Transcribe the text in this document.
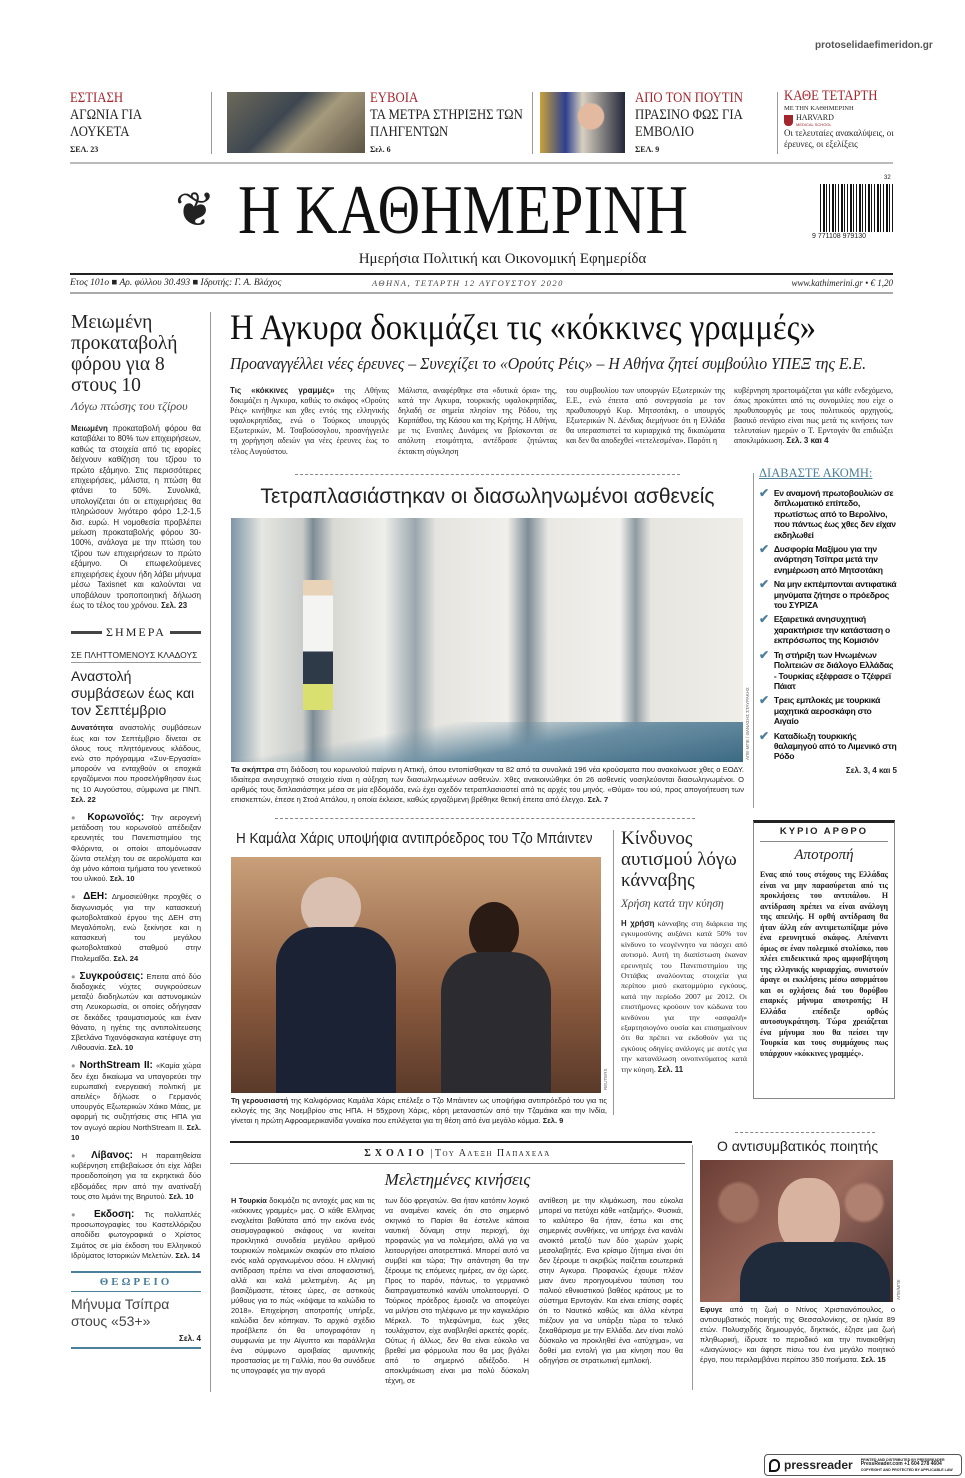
protoselidaefimeridon.gr
ΕΣΤΙΑΣΗ
ΑΓΩΝΙΑ ΓΙΑ ΛΟΥΚΕΤΑ
ΣΕΛ. 23
ΕΥΒΟΙΑ
ΤΑ ΜΕΤΡΑ ΣΤΗΡΙΞΗΣ ΤΩΝ ΠΛΗΓΕΝΤΩΝ
Σελ. 6
ΑΠΟ ΤΟΝ ΠΟΥΤΙΝ
ΠΡΑΣΙΝΟ ΦΩΣ ΓΙΑ ΕΜΒΟΛΙΟ
ΣΕΛ. 9
ΚΑΘΕ ΤΕΤΑΡΤΗ
ΜΕ ΤΗΝ ΚΑΘΗΜΕΡΙΝΗ
HARVARD
MEDICAL SCHOOL
Οι τελευταίες ανακαλύψεις, οι έρευνες, οι εξελίξεις
❦ Η ΚΑΘΗΜΕΡΙΝΗ	9 771108 979130
32
Ημερήσια Πολιτική και Οικονομική Εφημερίδα
Ετος 101ο ■ Αρ. φύλλου 30.493 ■ Ιδρυτής: Γ. Α. Βλάχος	ΑΘΗΝΑ, ΤΕΤΑΡΤΗ 12 ΑΥΓΟΥΣΤΟΥ 2020	www.kathimerini.gr • € 1,20
Μειωμένη προκαταβολή φόρου για 8 στους 10
Λόγω πτώσης του τζίρου
Μειωμένη προκαταβολή φόρου θα καταβάλει το 80% των επιχειρήσεων, καθώς τα στοιχεία από τις εφορίες δείχνουν καθίζηση του τζίρου το πρώτο εξάμηνο. Στις περισσότερες επιχειρήσεις, μάλιστα, η πτώση θα φτάνει το 50%. Συνολικά, υπολογίζεται ότι οι επιχειρήσεις θα πληρώσουν λιγότερο φόρο 1,2-1,5 δισ. ευρώ. Η νομοθεσία προβλέπει μείωση προκαταβολής φόρου 30-100%, ανάλογα με την πτώση του τζίρου των επιχειρήσεων το πρώτο εξάμηνο. Οι επωφελούμενες επιχειρήσεις έχουν ήδη λάβει μήνυμα μέσω Taxisnet και καλούνται να υποβάλουν τροποποιητική δήλωση έως το τέλος του χρόνου. Σελ. 23
ΣΗΜΕΡΑ
ΣΕ ΠΛΗΤΤΟΜΕΝΟΥΣ ΚΛΑΔΟΥΣ
Αναστολή συμβάσεων έως και τον Σεπτέμβριο
Δυνατότητα αναστολής συμβάσεων έως και τον Σεπτέμβριο δίνεται σε όλους τους πληττόμενους κλάδους, ενώ στο πρόγραμμα «Συν-Εργασία» μπορούν να ενταχθούν οι εποχικά εργαζόμενοι που προσελήφθησαν έως τις 10 Αυγούστου, σύμφωνα με ΠΝΠ. Σελ. 22
● Κορωνοϊός: Την αερογενή μετάδοση του κορωνοϊού απέδειξαν ερευνητές του Πανεπιστημίου της Φλόριντα, οι οποίοι απομόνωσαν ζώντα στελέχη του σε αερολύματα και όχι μόνο κάποια τμήματα του γενετικού του υλικού. Σελ. 10
● ΔΕΗ: Δημοσιεύθηκε προχθές ο διαγωνισμός για την κατασκευή φωτοβολταϊκού έργου της ΔΕΗ στη Μεγαλόπολη, ενώ ξεκίνησε και η κατασκευή του μεγάλου φωτοβολταϊκού σταθμού στην Πτολεμαΐδα. Σελ. 24
● Συγκρούσεις: Επειτα από δύο διαδοχικές νύχτες συγκρούσεων μεταξύ διαδηλωτών και αστυνομικών στη Λευκορωσία, οι οποίες οδήγησαν σε δεκάδες τραυματισμούς και έναν θάνατο, η ηγέτις της αντιπολίτευσης Σβετλάνα Τιχανόφσκαγια κατέφυγε στη Λιθουανία. Σελ. 10
● NorthStream II: «Καμία χώρα δεν έχει δικαίωμα να υπαγορεύει την ευρωπαϊκή ενεργειακή πολιτική με απειλές» δήλωσε ο Γερμανός υπουργός Εξωτερικών Χάικο Μάας, με αφορμή τις συζητήσεις στις ΗΠΑ για τον αγωγό αερίου NorthStream II. Σελ. 10
● Λίβανος: Η παραιτηθείσα κυβέρνηση επιβεβαίωσε ότι είχε λάβει προειδοποίηση για τα εκρηκτικά δύο εβδομάδες πριν από την ανατίναξή τους στο λιμάνι της Βηρυτού. Σελ. 10
● Εκδοση: Τις πολλαπλές προσωπογραφίες του Καστελλόριζου αποδίδει φωτογραφικά ο Χρίστος Σιμάτος σε μία έκδοση του Ελληνικού Ιδρύματος Ιστορικών Μελετών. Σελ. 14
ΘΕΩΡΕΙΟ
Μήνυμα Τσίπρα στους «53+»
Σελ. 4
Η Αγκυρα δοκιμάζει τις «κόκκινες γραμμές»
Προαναγγέλλει νέες έρευνες – Συνεχίζει το «Ορούτς Ρέις» – Η Αθήνα ζητεί συμβούλιο ΥΠΕΞ της Ε.Ε.
Τις «κόκκινες γραμμές» της Αθήνας δοκιμάζει η Αγκυρα, καθώς το σκάφος «Ορούτς Ρέις» κινήθηκε και χθες εντός της ελληνικής υφαλοκρηπίδας, ενώ ο Τούρκος υπουργός Εξωτερικών, Μ. Τσαβούσογλου, προανήγγειλε τη χορήγηση αδειών για νέες έρευνες έως το τέλος Αυγούστου.
Μάλιστα, αναφέρθηκε στα «δυτικά όρια» της, κατά την Αγκυρα, τουρκικής υφαλοκρηπίδας, δηλαδή σε σημεία πλησίον της Ρόδου, της Καρπάθου, της Κάσου και της Κρήτης. Η Αθήνα, με τις Ενοπλες Δυνάμεις να βρίσκονται σε απόλυτη ετοιμότητα, αντέδρασε ζητώντας έκτακτη σύγκληση
του συμβουλίου των υπουργών Εξωτερικών της Ε.Ε., ενώ έπειτα από συνεργασία με τον πρωθυπουργό Κυρ. Μητσοτάκη, ο υπουργός Εξωτερικών Ν. Δένδιας διεμήνυσε ότι η Ελλάδα θα υπερασπιστεί τα κυριαρχικά της δικαιώματα και δεν θα αποδεχθεί «τετελεσμένα». Παρότι η
κυβέρνηση προετοιμάζεται για κάθε ενδεχόμενο, όπως προκύπτει από τις συνομιλίες που είχε ο πρωθυπουργός με τους πολιτικούς αρχηγούς, βασικό σενάριο είναι πως μετά τις κινήσεις των τελευταίων ημερών ο Τ. Ερντογάν θα επιδιώξει αποκλιμάκωση. Σελ. 3 και 4
Τετραπλασιάστηκαν οι διασωληνωμένοι ασθενείς
ΑΠΕ-ΜΠΕ / ΘΑΝΑΣΗΣ ΣΤΑΥΡΑΚΗΣ
Τα σκήπτρα στη διάδοση του κορωνοϊού παίρνει η Αττική, όπου εντοπίσθηκαν τα 82 από τα συνολικά 196 νέα κρούσματα που ανακοίνωσε χθες ο ΕΟΔΥ. Ιδιαίτερα ανησυχητικό στοιχείο είναι η αύξηση των διασωληνωμένων ασθενών. Χθες ανακοινώθηκε ότι 26 ασθενείς νοσηλεύονται διασωληνωμένοι. Ο αριθμός τους διπλασιάστηκε μέσα σε μία εβδομάδα, ενώ έχει σχεδόν τετραπλασιαστεί από τις αρχές του μηνός. «Θύμα» του ιού, προς απογοήτευση των επισκεπτών, έπεσε η Στοά Αττάλου, η οποία έκλεισε, καθώς εργαζόμενη βρέθηκε θετική έπειτα από έλεγχο. Σελ. 7
ΔΙΑΒΑΣΤΕ ΑΚΟΜΗ:
✔ Εν αναμονή πρωτοβουλιών σε διπλωματικό επίπεδο, πρωτίστως από το Βερολίνο, που πάντως έως χθες δεν είχαν εκδηλωθεί
✔ Δυσφορία Μαξίμου για την ανάρτηση Τσίπρα μετά την ενημέρωση από Μητσοτάκη
✔ Να μην εκπέμπονται αντιφατικά μηνύματα ζήτησε ο πρόεδρος του ΣΥΡΙΖΑ
✔ Εξαιρετικά ανησυχητική χαρακτήρισε την κατάσταση ο εκπρόσωπος της Κομισιόν
✔ Τη στήριξη των Ηνωμένων Πολιτειών σε διάλογο Ελλάδας - Τουρκίας εξέφρασε ο Τζέφρεϊ Πάιατ
✔ Τρεις εμπλοκές με τουρκικά μαχητικά αεροσκάφη στο Αιγαίο
✔ Καταδίωξη τουρκικής θαλαμηγού από το Λιμενικό στη Ρόδο
Σελ. 3, 4 και 5
Η Καμάλα Χάρις υποψήφια αντιπρόεδρος του Τζο Μπάιντεν
REUTERS
Τη γερουσιαστή της Καλιφόρνιας Καμάλα Χάρις επέλεξε ο Τζο Μπάιντεν ως υποψήφια αντιπρόεδρό του για τις εκλογές της 3ης Νοεμβρίου στις ΗΠΑ. Η 55χρονη Χάρις, κόρη μεταναστών από την Τζαμάικα και την Ινδία, γίνεται η πρώτη Αφροαμερικανίδα γυναίκα που επιλέγεται για τη θέση από ένα μεγάλο κόμμα. Σελ. 9
Κίνδυνος αυτισμού λόγω κάνναβης
Χρήση κατά την κύηση
Η χρήση κάνναβης στη διάρκεια της εγκυμοσύνης αυξάνει κατά 50% τον κίνδυνο το νεογέννητο να πάσχει από αυτισμό. Αυτή τη διαπίστωση έκαναν ερευνητές του Πανεπιστημίου της Οττάβας αναλύοντας στοιχεία για περίπου μισό εκατομμύριο εγκύους, κατά την περίοδο 2007 με 2012. Οι επιστήμονες κρούουν τον κώδωνα του κινδύνου για την «ασφαλή» εξαρτησιογόνο ουσία και επισημαίνουν ότι θα πρέπει να εκδοθούν για τις εγκύους οδηγίες ανάλογες με αυτές για την κατανάλωση οινοπνεύματος κατά την κύηση. Σελ. 11
ΚΥΡΙΟ ΑΡΘΡΟ
Αποτροπή
Ενας από τους στόχους της Ελλάδας είναι να μην παρασύρεται από τις προκλήσεις του αντιπάλου. Η αντίδραση πρέπει να είναι ανάλογη της απειλής. Η ορθή αντίδραση θα ήταν άλλη εάν αντιμετωπίζαμε μόνο ένα ερευνητικό σκάφος. Απέναντι όμως σε έναν πολεμικό στολίσκο, που πλέει επιδεικτικά προς αμφισβήτηση της ελληνικής κυριαρχίας, συνιστούν άραγε οι εκκλήσεις μέσω ασυρμάτου και οι οχλήσεις διά του θορύβου επαρκές μήνυμα αποτροπής; Η Ελλάδα επέδειξε ορθώς αυτοσυγκράτηση. Τώρα χρειάζεται ένα μήνυμα που θα πείσει την Τουρκία και τους συμμάχους πως υπάρχουν «κόκκινες γραμμές».
ΣΧΟΛΙΟ | Του Αλέξη Παπαχελά
Μελετημένες κινήσεις
Η Τουρκία δοκιμάζει τις αντοχές μας και τις «κόκκινες γραμμές» μας. Ο κάθε Ελληνας ενοχλείται βαθύτατα από την εικόνα ενός σεισμογραφικού σκάφους να κινείται προκλητικά συνοδεία μεγάλου αριθμού τουρκικών πολεμικών σκαφών στο πλαίσιο ενός καλά οργανωμένου σόου. Η ελληνική αντίδραση πρέπει να είναι αποφασιστική, αλλά και καλά μελετημένη. Ας μη βασιζόμαστε, τέτοιες ώρες, σε αστικούς μύθους για το πώς «κόψαμε τα καλώδια το 2018». Επιχείρηση αποτροπής υπήρξε, καλώδια δεν κόπηκαν. Το αρχικό σχέδιο προέβλεπε ότι θα υπογραφόταν η συμφωνία με την Αίγυπτο και παράλληλα ένα σύμφωνο αμοιβαίας αμυντικής προστασίας με τη Γαλλία, που θα συνόδευε τις υπογραφές για την αγορά
των δύο φρεγατών. Θα ήταν κατόπιν λογικό να αναμένει κανείς ότι στο σημερινό σκηνικό το Παρίσι θα έστελνε κάποια ναυτική δύναμη στην περιοχή, όχι προφανώς για να πολεμήσει, αλλά για να λειτουργήσει αποτρεπτικά. Μπορεί αυτό να συμβεί και τώρα; Την απάντηση θα την ξέρουμε τις επόμενες ημέρες, αν όχι ώρες. Προς το παρόν, πάντως, το γερμανικό διαπραγματευτικό κανάλι υπολειτουργεί. Ο Τούρκος πρόεδρος έμοιαζε να αποφεύγει να μιλήσει στο τηλέφωνο με την καγκελάριο Μέρκελ. Το τηλεφώνημα, έως χθες τουλάχιστον, είχε αναβληθεί αρκετές φορές. Ούτως ή άλλως, δεν θα είναι εύκολο να βρεθεί μια φόρμουλα που θα μας βγάλει από το σημερινό αδιέξοδο. Η αποκλιμάκωση είναι μια πολύ δύσκολη τέχνη, σε
αντίθεση με την κλιμάκωση, που εύκολα μπορεί να πετύχει κάθε «ατζαμής». Φυσικά, το καλύτερο θα ήταν, έστω και στις σημερινές συνθήκες, να υπήρχε ένα κανάλι ανοικτό μεταξύ των δύο χωρών χωρίς μεσολαβητές. Ενα κρίσιμο ζήτημα είναι ότι δεν ξέρουμε τι ακριβώς παίζεται εσωτερικά στην Αγκυρα. Προφανώς έχουμε πλέον μιαν άνευ προηγουμένου ταύτιση του παλιού εθνικιστικού βαθέος κράτους με το σύστημα Ερντογάν. Και είναι επίσης σαφές ότι το Ναυτικό καθώς και άλλα κέντρα πιέζουν για να υπάρξει τώρα το τελικό ξεκαθάρισμα με την Ελλάδα. Δεν είναι πολύ δύσκολο να προκληθεί ένα «ατύχημα», να δοθεί μια εντολή για μια κίνηση που θα οδηγήσει σε στρατιωτική εμπλοκή.
Ο αντισυμβατικός ποιητής
ΑΠΕ/ΜΠΕ
Εφυγε από τη ζωή ο Ντίνος Χριστιανόπουλος, ο αντισυμβατικός ποιητής της Θεσσαλονίκης, σε ηλικία 89 ετών. Πολυσχιδής δημιουργός, δηκτικός, έζησε μια ζωή πληθωρική, ίδρυσε το περιοδικό και την πινακοθήκη «Διαγώνιος» και άφησε πίσω του ένα μεγάλο ποιητικό έργο, που περιλαμβάνει περίπου 350 ποιήματα. Σελ. 15
pressreader PRINTED AND DISTRIBUTED BY PRESSREADER
PressReader.com +1 604 278 4604
COPYRIGHT AND PROTECTED BY APPLICABLE LAW
